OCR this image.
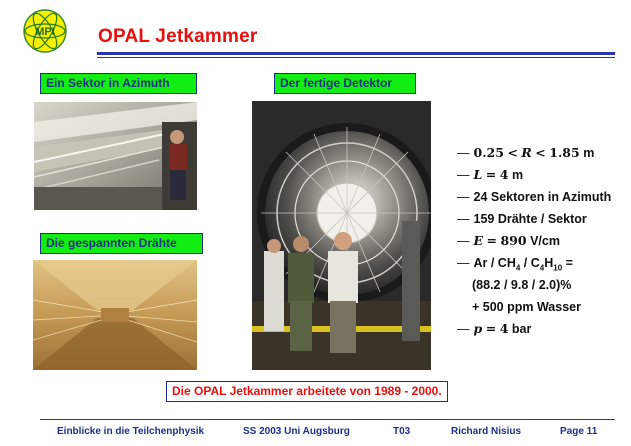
MPI OPAL Jetkammer
Ein Sektor in Azimuth	Der fertige Detektor
Die gespannten Drähte
— 0.25 < R < 1.85 m
— L = 4 m
— 24 Sektoren in Azimuth
— 159 Drähte / Sektor
— E = 890 V/cm
— Ar / $CH_4 / C_4H_{10}$ =
(88.2 / 9.8 / 2.0)%
+ 500 ppm Wasser
— p = 4 bar
Die OPAL Jetkammer arbeitete von 1989 - 2000.
Einblicke in die Teilchenphysik	SS 2003 Uni Augsburg	T03	Richard Nisius	Page 11
